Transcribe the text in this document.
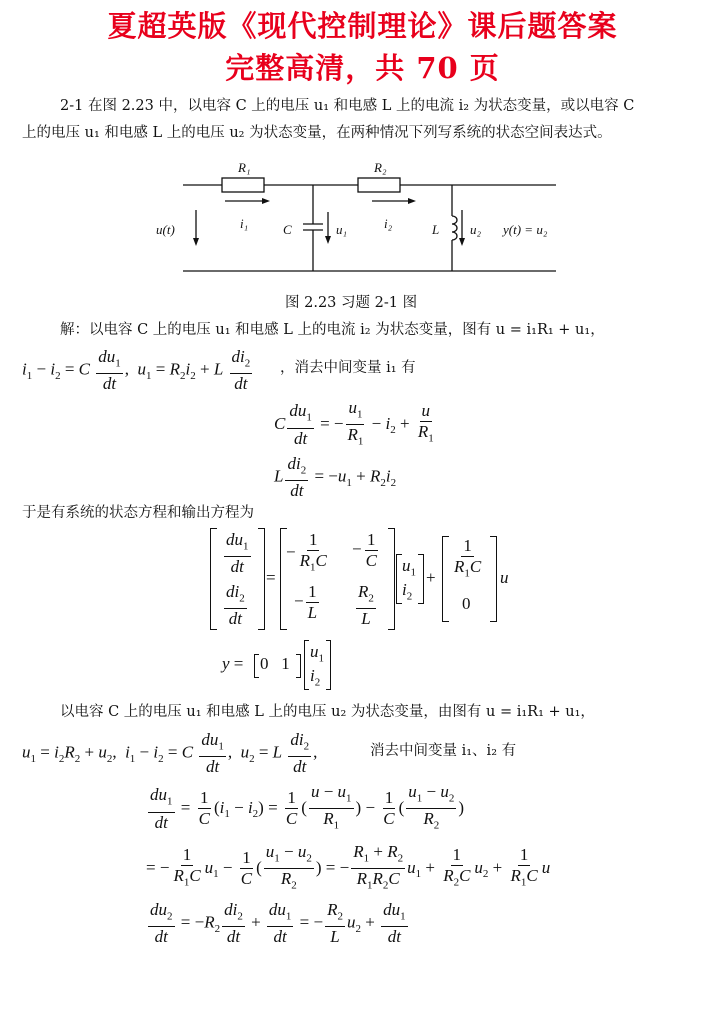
夏超英版《现代控制理论》课后题答案
完整高清，共 70 页
2-1 在图 2.23 中，以电容 C 上的电压 u₁ 和电感 L 上的电流 i₂ 为状态变量，或以电容 C
上的电压 u₁ 和电感 L 上的电压 u₂ 为状态变量，在两种情况下列写系统的状态空间表达式。
R₁	R₂
i₁	i₂
u(t)	C	u₁	L u₂ y(t) = u₂
图 2.23 习题 2-1 图
解：以电容 C 上的电压 u₁ 和电感 L 上的电流 i₂ 为状态变量，图有 u = i₁R₁ + u₁，
$i_1 - i_2 = C \frac{du_1}{dt}$ ,  $u_1 = R_2i_2 + L \frac{di_2}{dt}$ ，消去中间变量 i₁ 有
C $\frac{du_1}{dt}$ = − $\frac{u_1}{R_1} - i_2 + \frac{u}{R_1}$
L $\frac{di_2}{dt} = -u_1 + R_2i_2$
于是有系统的状态方程和输出方程为
$\frac{du_1}{dt}$
$\frac{di_2}{dt}$
=
− $\frac{1}{R_1C} - \frac{1}{C}$
− $\frac{1}{L} \frac{R_2}{L}$
$u_1$
$i_2$
+ $\frac{1}{R_1C}$
0
u
y = 0   1
$u_1$
$i_2$
以电容 C 上的电压 u₁ 和电感 L 上的电压 u₂ 为状态变量，由图有 u = i₁R₁ + u₁，
$u_1 = i_2R_2 + u_2$,  $i_1 - i_2 = C \frac{du_1}{dt}$ ,  $u_2 = L \frac{di_2}{dt}$ ,	消去中间变量 i₁、i₂ 有
$\frac{du_1}{dt} = \frac{1}{C} (i_1 - i_2) = \frac{1}{C}$ ( $\frac{u - u_1}{R_1}$ ) − $\frac{1}{C}$ ( $\frac{u_1 - u_2}{R_2}$ )
= − $\frac{1}{R_1C} u_1 - \frac{1}{C}$ ( $\frac{u_1 - u_2}{R_2}$ ) = − $\frac{R_1 + R_2}{R_1R_2C} u_1 + \frac{1}{R_2C} u_2 + \frac{1}{R_1C}$ u
$\frac{du_2}{dt} = -R_2 \frac{di_2}{dt} + \frac{du_1}{dt}$ = − $\frac{R_2}{L} u_2 + \frac{du_1}{dt}$
